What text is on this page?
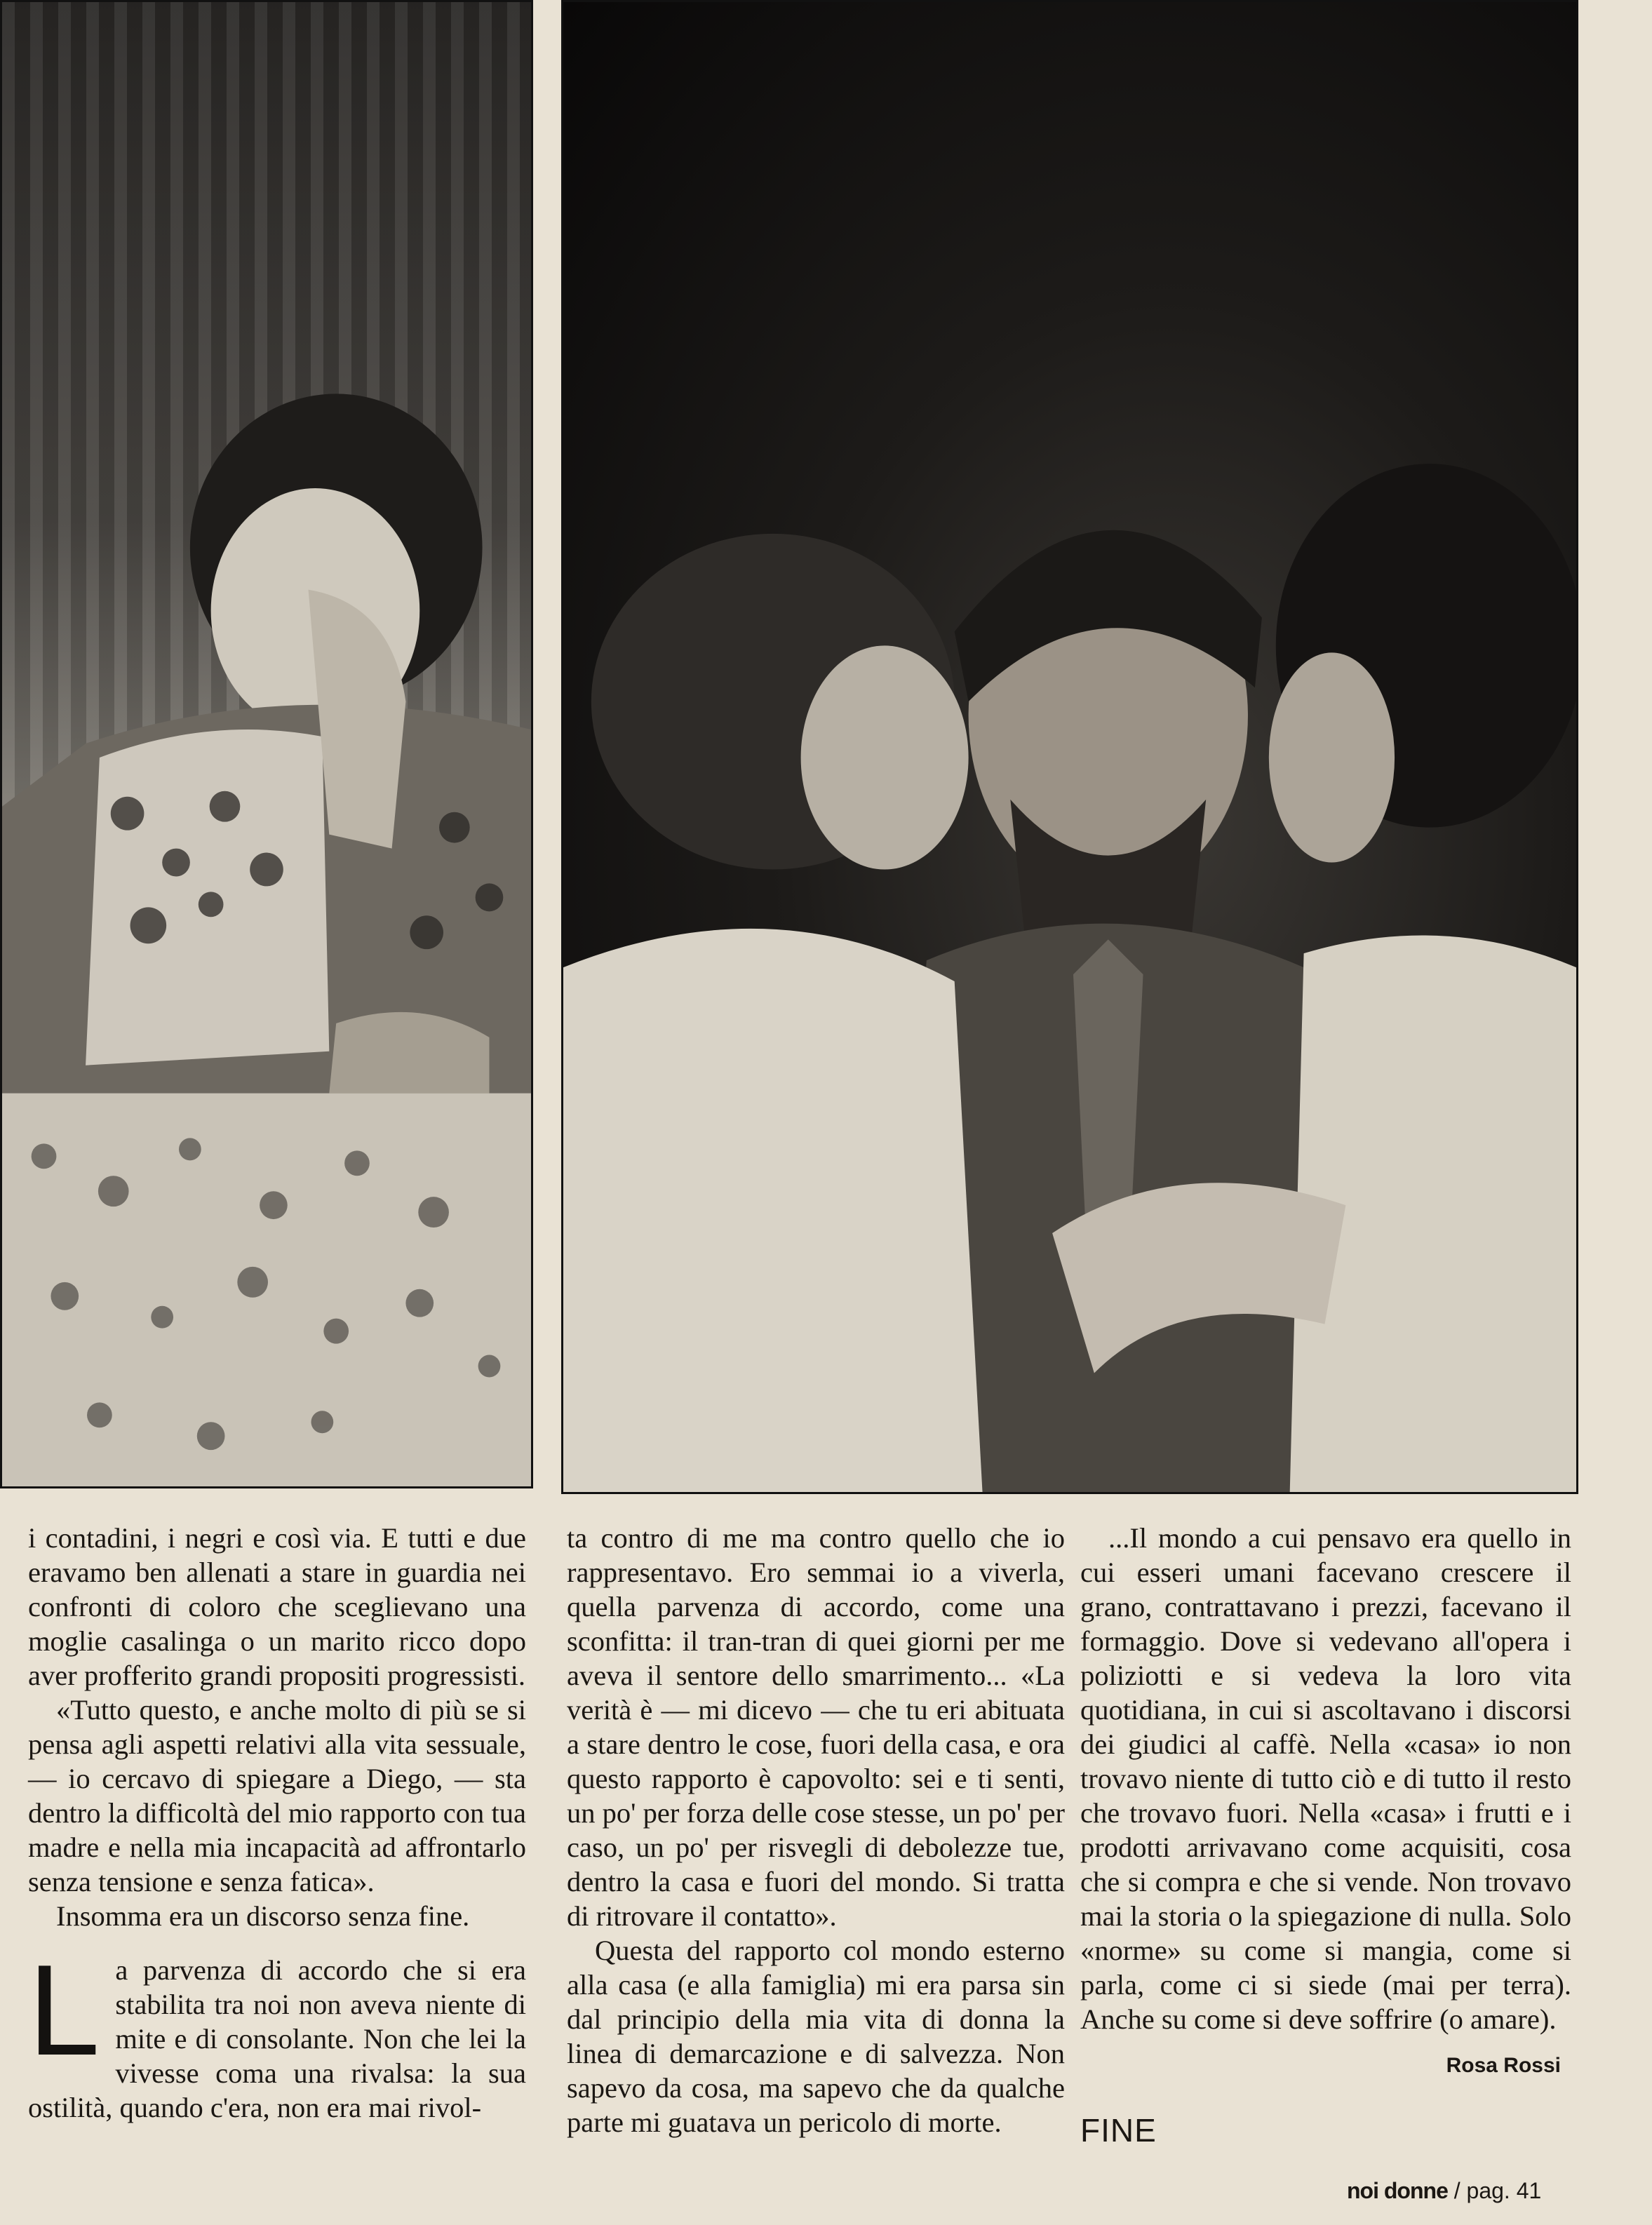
i contadini, i negri e così via. E tutti e due eravamo ben allenati a stare in guardia nei confronti di coloro che sceglievano una moglie casalinga o un marito ricco dopo aver profferito grandi propositi progressisti.

«Tutto questo, e anche molto di più se si pensa agli aspetti relativi alla vita sessuale, — io cercavo di spiegare a Diego, — sta dentro la difficoltà del mio rapporto con tua madre e nella mia incapacità ad affrontarlo senza tensione e senza fatica».

Insomma era un discorso senza fine.

La parvenza di accordo che si era stabilita tra noi non aveva niente di mite e di consolante. Non che lei la vivesse coma una rivalsa: la sua ostilità, quando c'era, non era mai rivol-

ta contro di me ma contro quello che io rappresentavo. Ero semmai io a viverla, quella parvenza di accordo, come una sconfitta: il tran-tran di quei giorni per me aveva il sentore dello smarrimento... «La verità è — mi dicevo — che tu eri abituata a stare dentro le cose, fuori della casa, e ora questo rapporto è capovolto: sei e ti senti, un po' per forza delle cose stesse, un po' per caso, un po' per risvegli di debolezze tue, dentro la casa e fuori del mondo. Si tratta di ritrovare il contatto».

Questa del rapporto col mondo esterno alla casa (e alla famiglia) mi era parsa sin dal principio della mia vita di donna la linea di demarcazione e di salvezza. Non sapevo da cosa, ma sapevo che da qualche parte mi guatava un pericolo di morte.

...Il mondo a cui pensavo era quello in cui esseri umani facevano crescere il grano, contrattavano i prezzi, facevano il formaggio. Dove si vedevano all'opera i poliziotti e si vedeva la loro vita quotidiana, in cui si ascoltavano i discorsi dei giudici al caffè. Nella «casa» io non trovavo niente di tutto ciò e di tutto il resto che trovavo fuori. Nella «casa» i frutti e i prodotti arrivavano come acquisiti, cosa che si compra e che si vende. Non trovavo mai la storia o la spiegazione di nulla. Solo «norme» su come si mangia, come si parla, come ci si siede (mai per terra). Anche su come si deve soffrire (o amare).

Rosa Rossi
FINE
noi donne / pag. 41
